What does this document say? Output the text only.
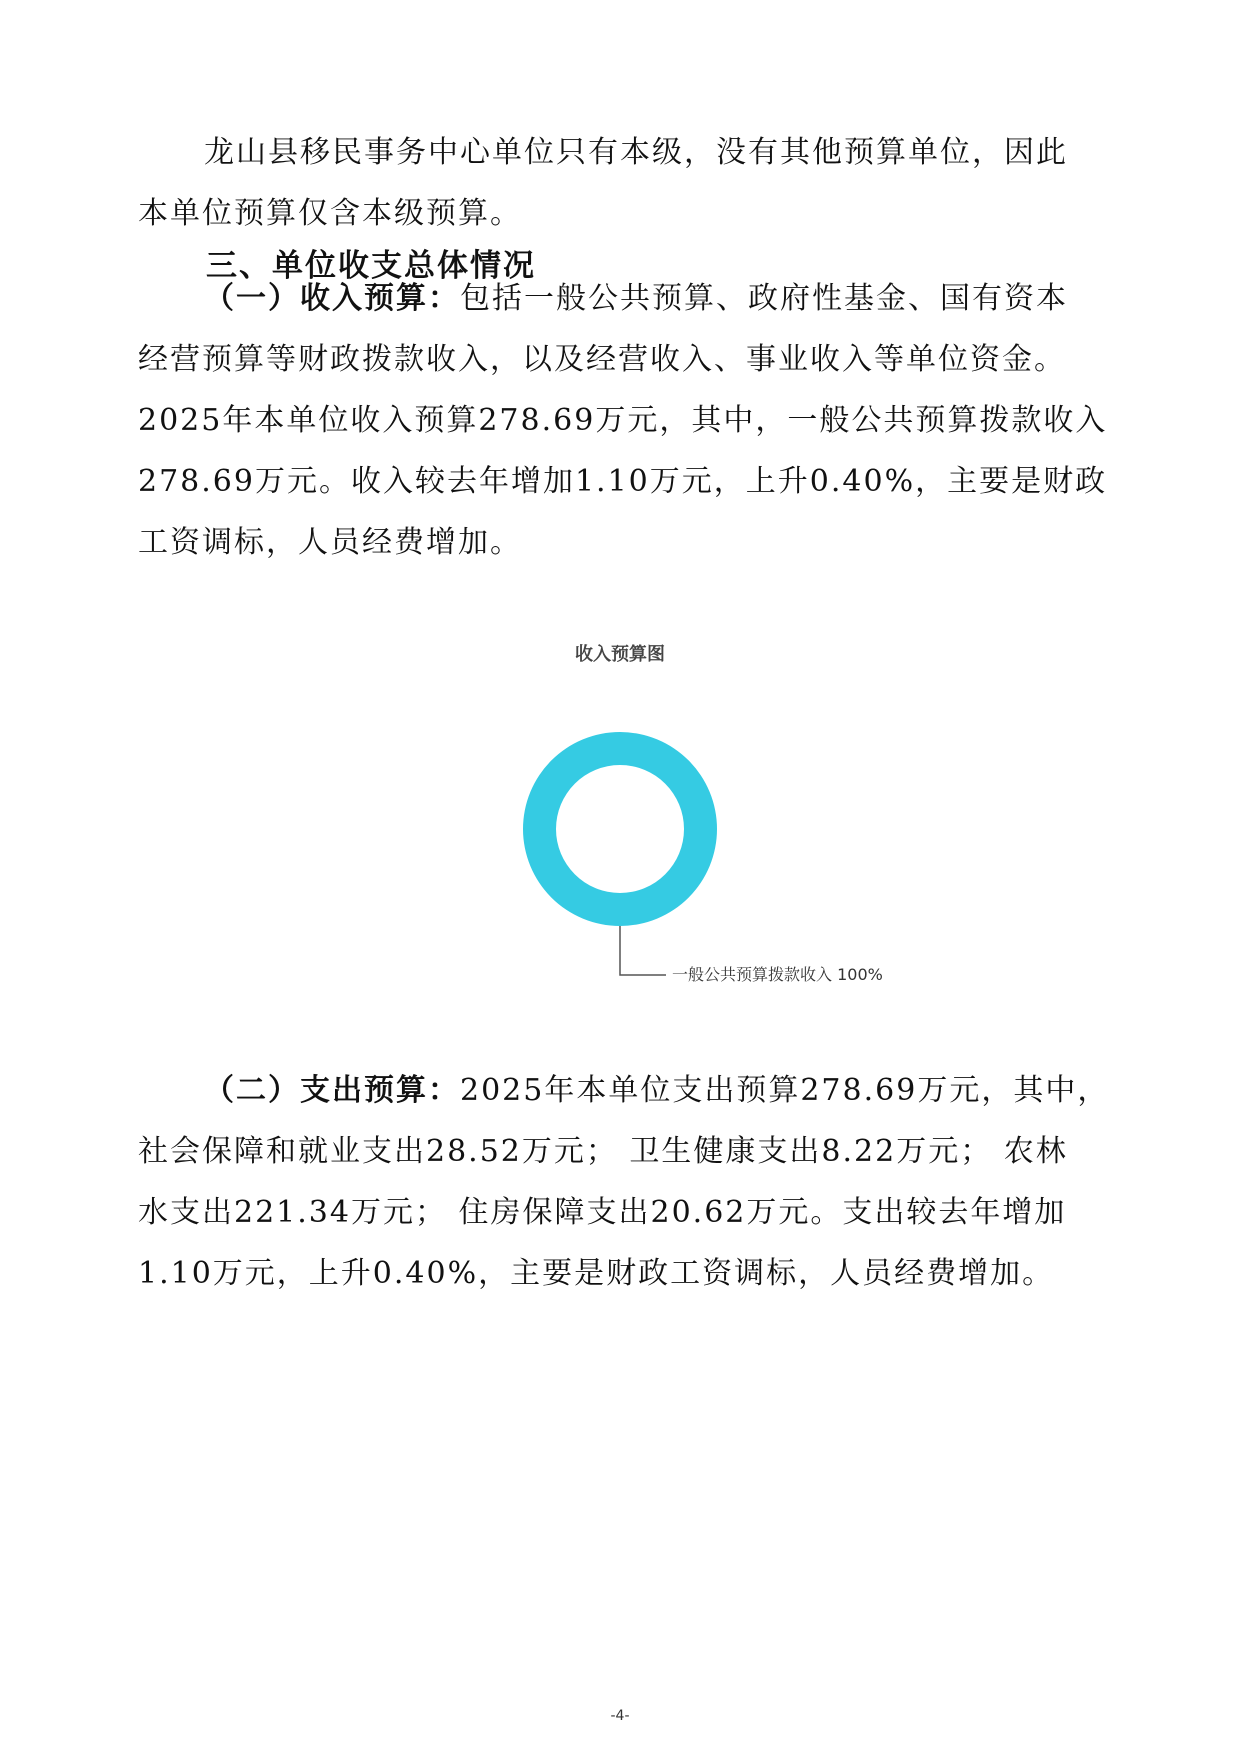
龙山县移民事务中心单位只有本级，没有其他预算单位，因此
本单位预算仅含本级预算。

三、单位收支总体情况

（一）收入预算：包括一般公共预算、政府性基金、国有资本
经营预算等财政拨款收入，以及经营收入、事业收入等单位资金。
2025年本单位收入预算278.69万元，其中，一般公共预算拨款收入
278.69万元。收入较去年增加1.10万元，上升0.40%，主要是财政
工资调标，人员经费增加。

收入预算图
一般公共预算拨款收入 100%

（二）支出预算：2025年本单位支出预算278.69万元，其中，
社会保障和就业支出28.52万元； 卫生健康支出8.22万元； 农林
水支出221.34万元； 住房保障支出20.62万元。支出较去年增加
1.10万元，上升0.40%，主要是财政工资调标，人员经费增加。

-4-
